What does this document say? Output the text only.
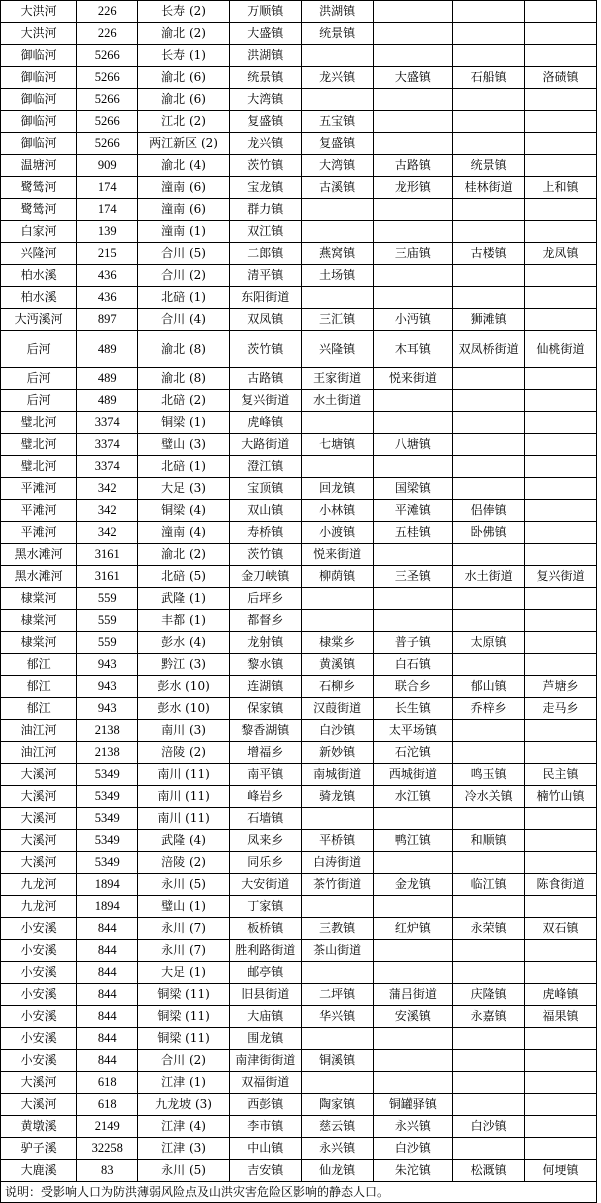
大洪河	226	长寿 (2)	万顺镇	洪湖镇			
大洪河	226	渝北 (2)	大盛镇	统景镇			
御临河	5266	长寿 (1)	洪湖镇				
御临河	5266	渝北 (6)	统景镇	龙兴镇	大盛镇	石船镇	洛碛镇
御临河	5266	渝北 (6)	大湾镇				
御临河	5266	江北 (2)	复盛镇	五宝镇			
御临河	5266	两江新区 (2)	龙兴镇	复盛镇			
温塘河	909	渝北 (4)	茨竹镇	大湾镇	古路镇	统景镇	
鹭鸶河	174	潼南 (6)	宝龙镇	古溪镇	龙形镇	桂林街道	上和镇
鹭鸶河	174	潼南 (6)	群力镇				
白家河	139	潼南 (1)	双江镇				
兴隆河	215	合川 (5)	二郎镇	燕窝镇	三庙镇	古楼镇	龙凤镇
柏水溪	436	合川 (2)	清平镇	土场镇			
柏水溪	436	北碚 (1)	东阳街道				
大沔溪河	897	合川 (4)	双凤镇	三汇镇	小沔镇	狮滩镇	
后河	489	渝北 (8)	茨竹镇	兴隆镇	木耳镇	双凤桥街道	仙桃街道
后河	489	渝北 (8)	古路镇	王家街道	悦来街道		
后河	489	北碚 (2)	复兴街道	水土街道			
璧北河	3374	铜梁 (1)	虎峰镇				
璧北河	3374	璧山 (3)	大路街道	七塘镇	八塘镇		
璧北河	3374	北碚 (1)	澄江镇				
平滩河	342	大足 (3)	宝顶镇	回龙镇	国梁镇		
平滩河	342	铜梁 (4)	双山镇	小林镇	平滩镇	侣俸镇	
平滩河	342	潼南 (4)	寿桥镇	小渡镇	五桂镇	卧佛镇	
黑水滩河	3161	渝北 (2)	茨竹镇	悦来街道			
黑水滩河	3161	北碚 (5)	金刀峡镇	柳荫镇	三圣镇	水土街道	复兴街道
棣棠河	559	武隆 (1)	后坪乡				
棣棠河	559	丰都 (1)	都督乡				
棣棠河	559	彭水 (4)	龙射镇	棣棠乡	普子镇	太原镇	
郁江	943	黔江 (3)	黎水镇	黄溪镇	白石镇		
郁江	943	彭水 (10)	连湖镇	石柳乡	联合乡	郁山镇	芦塘乡
郁江	943	彭水 (10)	保家镇	汉葭街道	长生镇	乔梓乡	走马乡
油江河	2138	南川 (3)	黎香湖镇	白沙镇	太平场镇		
油江河	2138	涪陵 (2)	增福乡	新妙镇	石沱镇		
大溪河	5349	南川 (11)	南平镇	南城街道	西城街道	鸣玉镇	民主镇
大溪河	5349	南川 (11)	峰岩乡	骑龙镇	水江镇	冷水关镇	楠竹山镇
大溪河	5349	南川 (11)	石墙镇				
大溪河	5349	武隆 (4)	凤来乡	平桥镇	鸭江镇	和顺镇	
大溪河	5349	涪陵 (2)	同乐乡	白涛街道			
九龙河	1894	永川 (5)	大安街道	茶竹街道	金龙镇	临江镇	陈食街道
九龙河	1894	璧山 (1)	丁家镇				
小安溪	844	永川 (7)	板桥镇	三教镇	红炉镇	永荣镇	双石镇
小安溪	844	永川 (7)	胜利路街道	茶山街道			
小安溪	844	大足 (1)	邮亭镇				
小安溪	844	铜梁 (11)	旧县街道	二坪镇	蒲吕街道	庆隆镇	虎峰镇
小安溪	844	铜梁 (11)	大庙镇	华兴镇	安溪镇	永嘉镇	福果镇
小安溪	844	铜梁 (11)	围龙镇				
小安溪	844	合川 (2)	南津街街道	铜溪镇			
大溪河	618	江津 (1)	双福街道				
大溪河	618	九龙坡 (3)	西彭镇	陶家镇	铜罐驿镇		
黄墩溪	2149	江津 (4)	李市镇	慈云镇	永兴镇	白沙镇	
驴子溪	32258	江津 (3)	中山镇	永兴镇	白沙镇		
大鹿溪	83	永川 (5)	吉安镇	仙龙镇	朱沱镇	松溉镇	何埂镇
说明：受影响人口为防洪薄弱风险点及山洪灾害危险区影响的静态人口。							
